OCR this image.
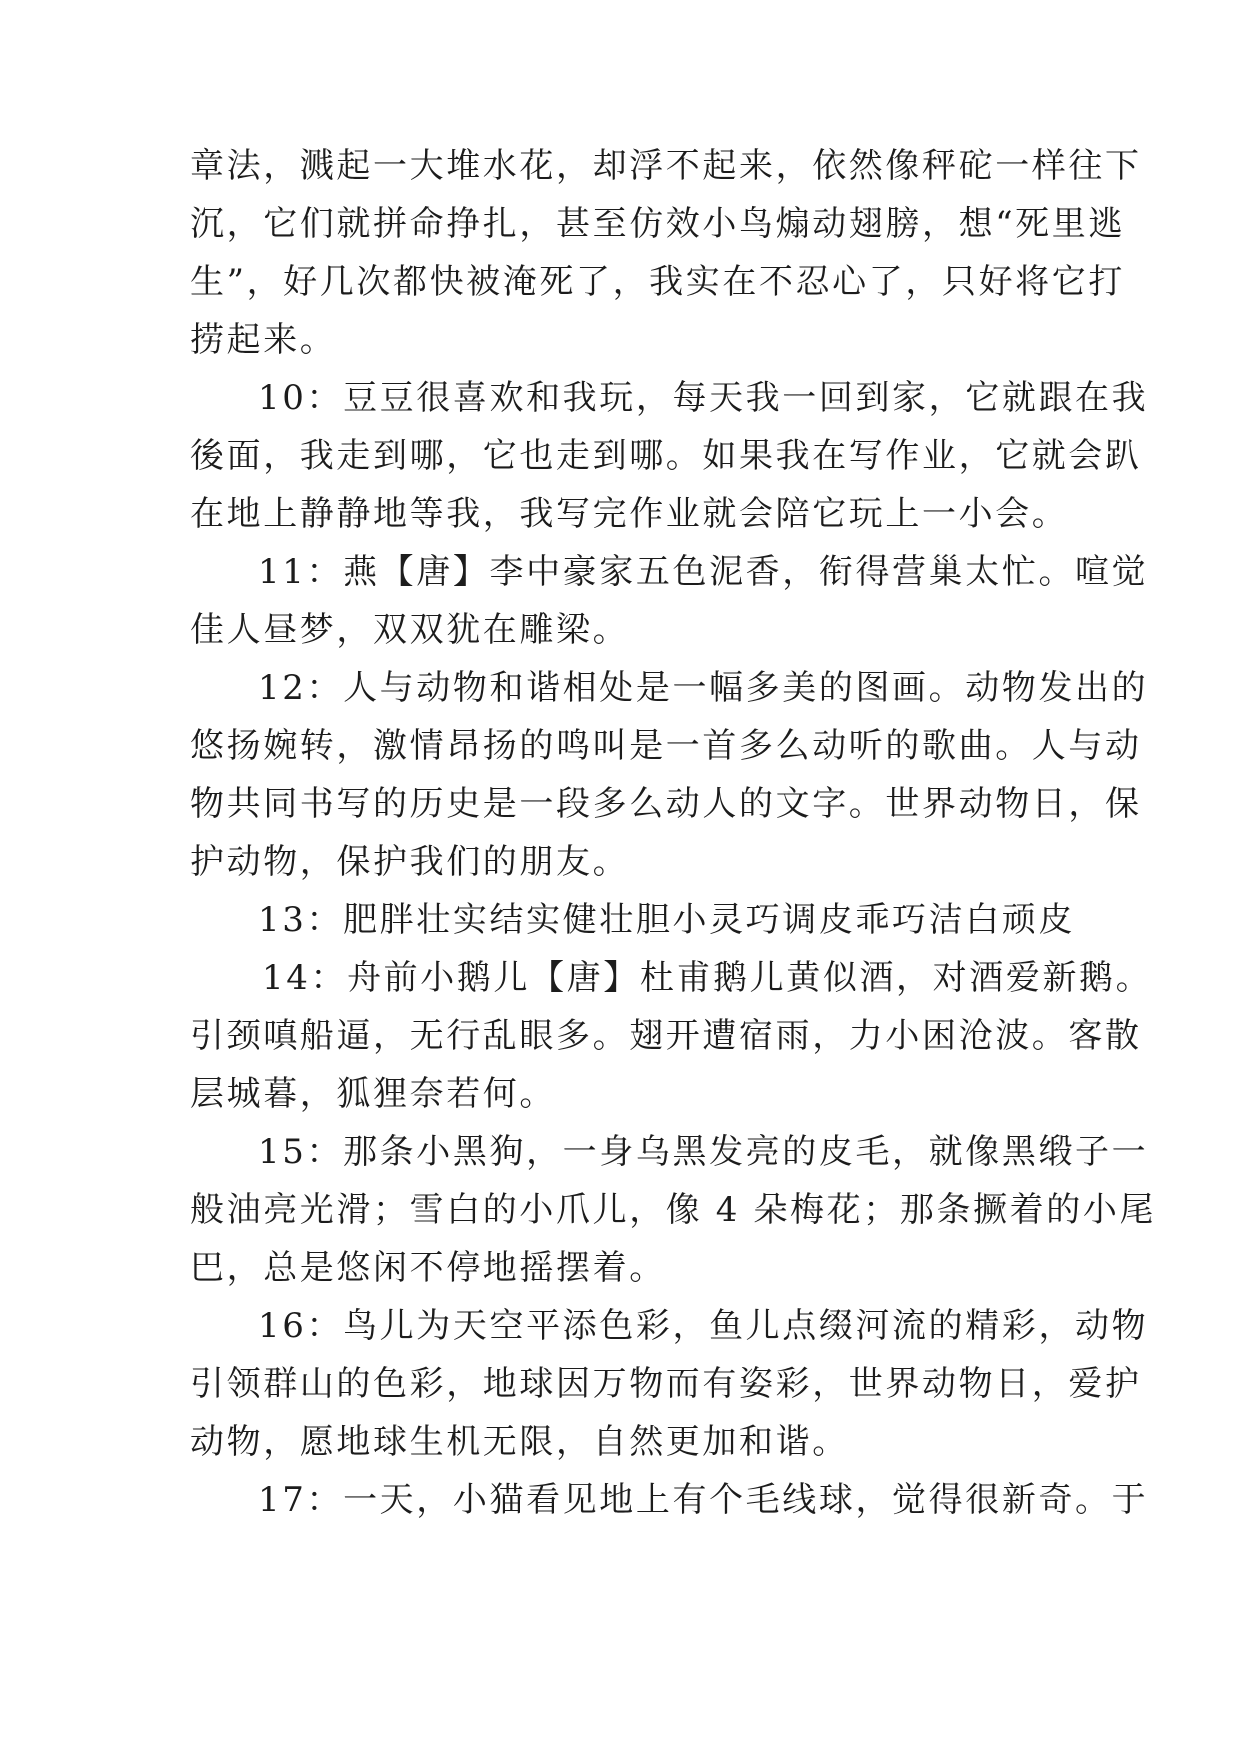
章法，溅起一大堆水花，却浮不起来，依然像秤砣一样往下
沉，它们就拼命挣扎，甚至仿效小鸟煽动翅膀，想“死里逃
生”，好几次都快被淹死了，我实在不忍心了，只好将它打
捞起来。
10：豆豆很喜欢和我玩，每天我一回到家，它就跟在我
後面，我走到哪，它也走到哪。如果我在写作业，它就会趴
在地上静静地等我，我写完作业就会陪它玩上一小会。
11：燕【唐】李中豪家五色泥香，衔得营巢太忙。喧觉
佳人昼梦，双双犹在雕梁。
12：人与动物和谐相处是一幅多美的图画。动物发出的
悠扬婉转，激情昂扬的鸣叫是一首多么动听的歌曲。人与动
物共同书写的历史是一段多么动人的文字。世界动物日，保
护动物，保护我们的朋友。
13：肥胖壮实结实健壮胆小灵巧调皮乖巧洁白顽皮
14：舟前小鹅儿【唐】杜甫鹅儿黄似酒，对酒爱新鹅。
引颈嗔船逼，无行乱眼多。翅开遭宿雨，力小困沧波。客散
层城暮，狐狸奈若何。
15：那条小黑狗，一身乌黑发亮的皮毛，就像黑缎子一
般油亮光滑；雪白的小爪儿，像 4 朵梅花；那条撅着的小尾
巴，总是悠闲不停地摇摆着。
16：鸟儿为天空平添色彩，鱼儿点缀河流的精彩，动物
引领群山的色彩，地球因万物而有姿彩，世界动物日，爱护
动物，愿地球生机无限，自然更加和谐。
17：一天，小猫看见地上有个毛线球，觉得很新奇。于
